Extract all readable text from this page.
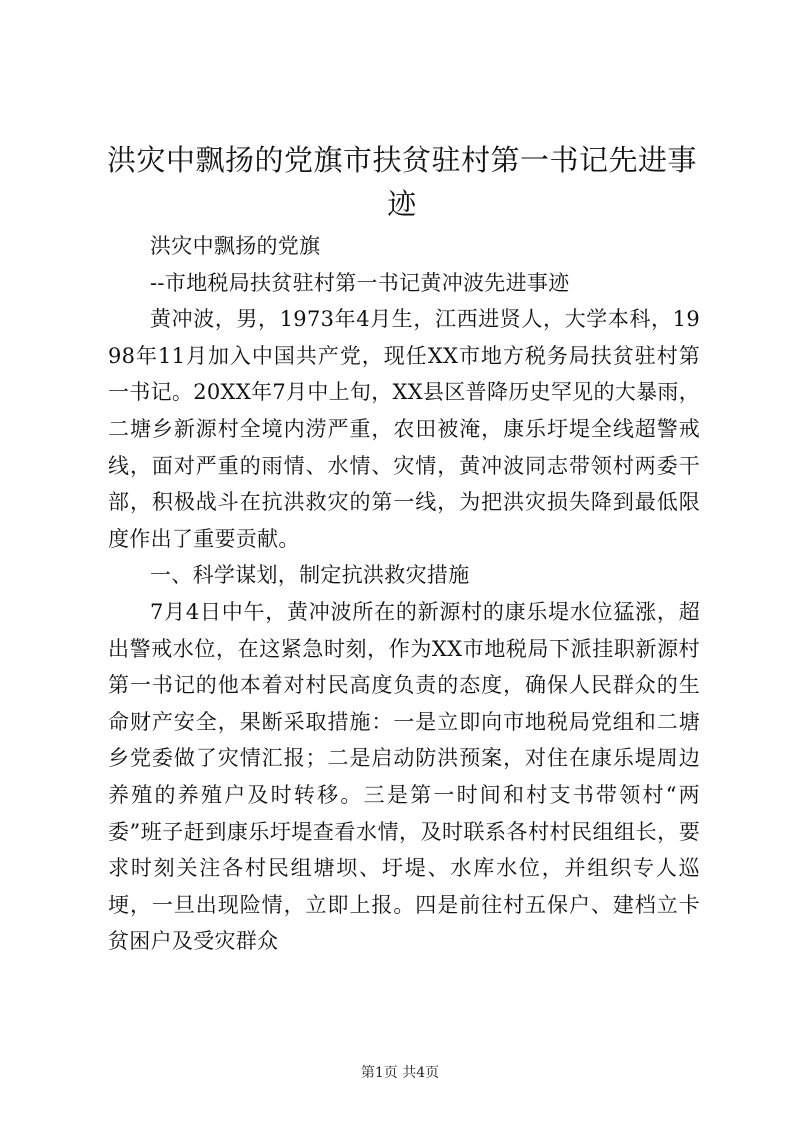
洪灾中飘扬的党旗市扶贫驻村第一书记先进事迹

洪灾中飘扬的党旗

--市地税局扶贫驻村第一书记黄冲波先进事迹

黄冲波，男，1973年4月生，江西进贤人，大学本科，1998年11月加入中国共产党，现任XX市地方税务局扶贫驻村第一书记。20XX年7月中上旬，XX县区普降历史罕见的大暴雨，二塘乡新源村全境内涝严重，农田被淹，康乐圩堤全线超警戒线，面对严重的雨情、水情、灾情，黄冲波同志带领村两委干部，积极战斗在抗洪救灾的第一线，为把洪灾损失降到最低限度作出了重要贡献。

一、科学谋划，制定抗洪救灾措施

7月4日中午，黄冲波所在的新源村的康乐堤水位猛涨，超出警戒水位，在这紧急时刻，作为XX市地税局下派挂职新源村第一书记的他本着对村民高度负责的态度，确保人民群众的生命财产安全，果断采取措施：一是立即向市地税局党组和二塘乡党委做了灾情汇报；二是启动防洪预案，对住在康乐堤周边养殖的养殖户及时转移。三是第一时间和村支书带领村“两委”班子赶到康乐圩堤查看水情，及时联系各村村民组组长，要求时刻关注各村民组塘坝、圩堤、水库水位，并组织专人巡埂，一旦出现险情，立即上报。四是前往村五保户、建档立卡贫困户及受灾群众

第1页 共4页
